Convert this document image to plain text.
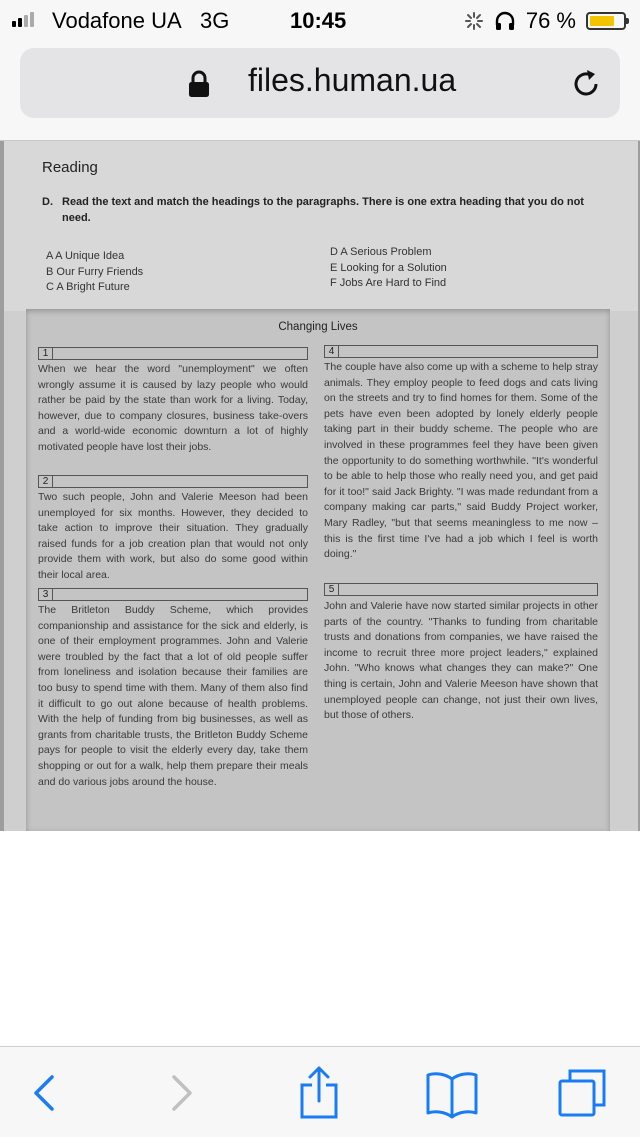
Vodafone UA 3G	10:45	76 %
files.human.ua
Reading
D. Read the text and match the headings to the paragraphs. There is one extra heading that you do not need.
A A Unique Idea
B Our Furry Friends
C A Bright Future
D A Serious Problem
E Looking for a Solution
F Jobs Are Hard to Find
Changing Lives
1
When we hear the word "unemployment" we often wrongly assume it is caused by lazy people who would rather be paid by the state than work for a living. Today, however, due to company closures, business take-overs and a world-wide economic downturn a lot of highly motivated people have lost their jobs.
2
Two such people, John and Valerie Meeson had been unemployed for six months. However, they decided to take action to improve their situation. They gradually raised funds for a job creation plan that would not only provide them with work, but also do some good within their local area.
3
The Britleton Buddy Scheme, which provides companionship and assistance for the sick and elderly, is one of their employment programmes. John and Valerie were troubled by the fact that a lot of old people suffer from loneliness and isolation because their families are too busy to spend time with them. Many of them also find it difficult to go out alone because of health problems. With the help of funding from big businesses, as well as grants from charitable trusts, the Britleton Buddy Scheme pays for people to visit the elderly every day, take them shopping or out for a walk, help them prepare their meals and do various jobs around the house.
4
The couple have also come up with a scheme to help stray animals. They employ people to feed dogs and cats living on the streets and try to find homes for them. Some of the pets have even been adopted by lonely elderly people taking part in their buddy scheme. The people who are involved in these programmes feel they have been given the opportunity to do something worthwhile. "It's wonderful to be able to help those who really need you, and get paid for it too!" said Jack Brighty. "I was made redundant from a company making car parts," said Buddy Project worker, Mary Radley, "but that seems meaningless to me now – this is the first time I've had a job which I feel is worth doing."
5
John and Valerie have now started similar projects in other parts of the country. "Thanks to funding from charitable trusts and donations from companies, we have raised the income to recruit three more project leaders," explained John. "Who knows what changes they can make?" One thing is certain, John and Valerie Meeson have shown that unemployed people can change, not just their own lives, but those of others.
